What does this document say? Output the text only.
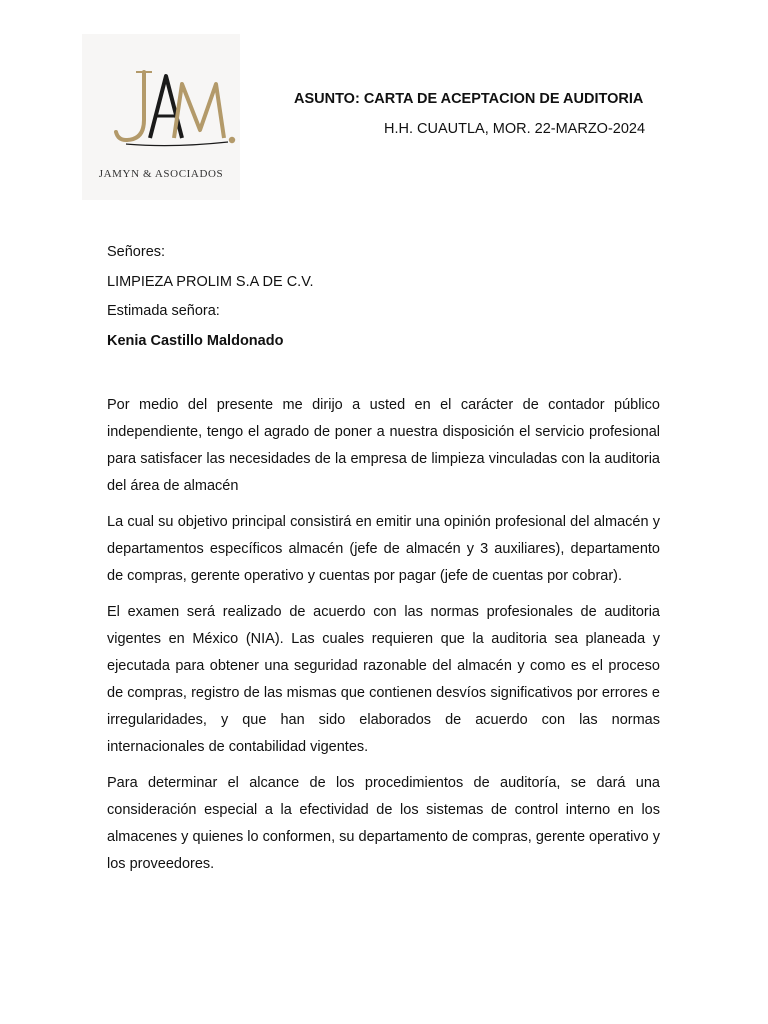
JAMYN & ASOCIADOS
ASUNTO: CARTA DE ACEPTACION DE AUDITORIA
H.H. CUAUTLA, MOR. 22-MARZO-2024
Señores:
LIMPIEZA PROLIM S.A DE C.V.
Estimada señora:
Kenia Castillo Maldonado

Por medio del presente me dirijo a usted en el carácter de contador público independiente, tengo el agrado de poner a nuestra disposición el servicio profesional para satisfacer las necesidades de la empresa de limpieza vinculadas con la auditoria del área de almacén

La cual su objetivo principal consistirá en emitir una opinión profesional del almacén y departamentos específicos almacén (jefe de almacén y 3 auxiliares), departamento de compras, gerente operativo y cuentas por pagar (jefe de cuentas por cobrar).

El examen será realizado de acuerdo con las normas profesionales de auditoria vigentes en México (NIA). Las cuales requieren que la auditoria sea planeada y ejecutada para obtener una seguridad razonable del almacén y como es el proceso de compras, registro de las mismas que contienen desvíos significativos por errores e irregularidades, y que han sido elaborados de acuerdo con las normas internacionales de contabilidad vigentes.

Para determinar el alcance de los procedimientos de auditoría, se dará una consideración especial a la efectividad de los sistemas de control interno en los almacenes y quienes lo conformen, su departamento de compras, gerente operativo y los proveedores.
